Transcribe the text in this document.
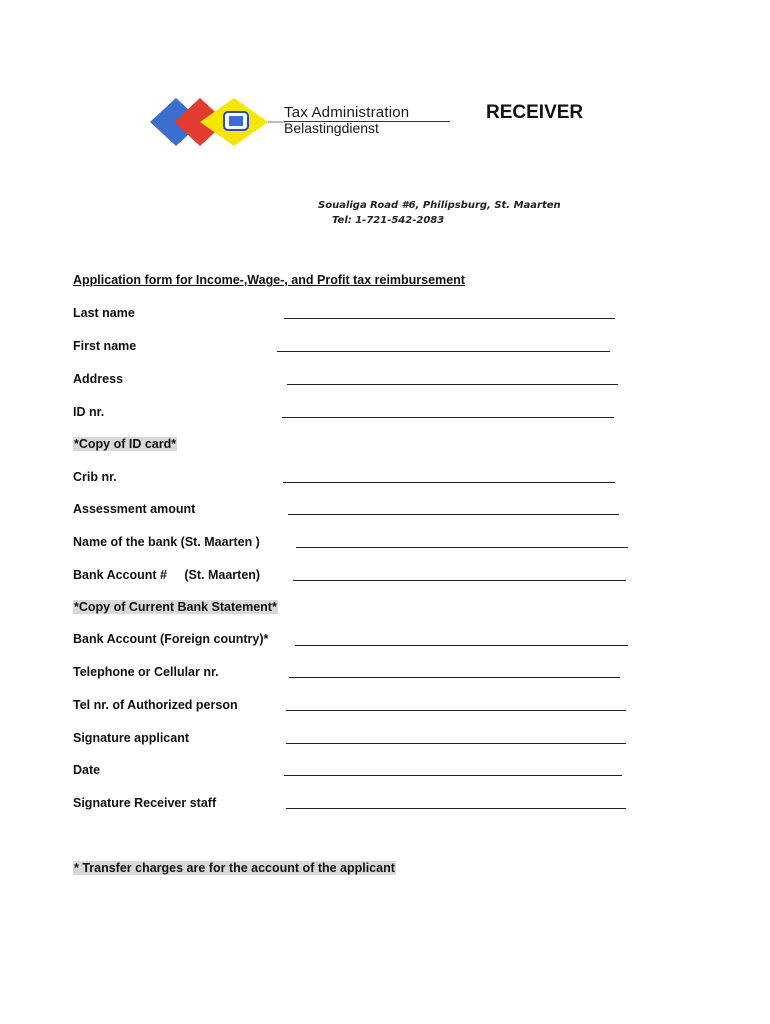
Tax Administration
Belastingdienst
RECEIVER
Soualiga Road #6, Philipsburg, St. Maarten
Tel: 1-721-542-2083
Application form for Income-,Wage-, and Profit tax reimbursement
Last name
First name
Address
ID nr.
*Copy of ID card*
Crib nr.
Assessment amount
Name of the bank (St. Maarten )
Bank Account #     (St. Maarten)
*Copy of Current Bank Statement*
Bank Account (Foreign country)*
Telephone or Cellular nr.
Tel nr. of Authorized person
Signature applicant
Date
Signature Receiver staff
* Transfer charges are for the account of the applicant
